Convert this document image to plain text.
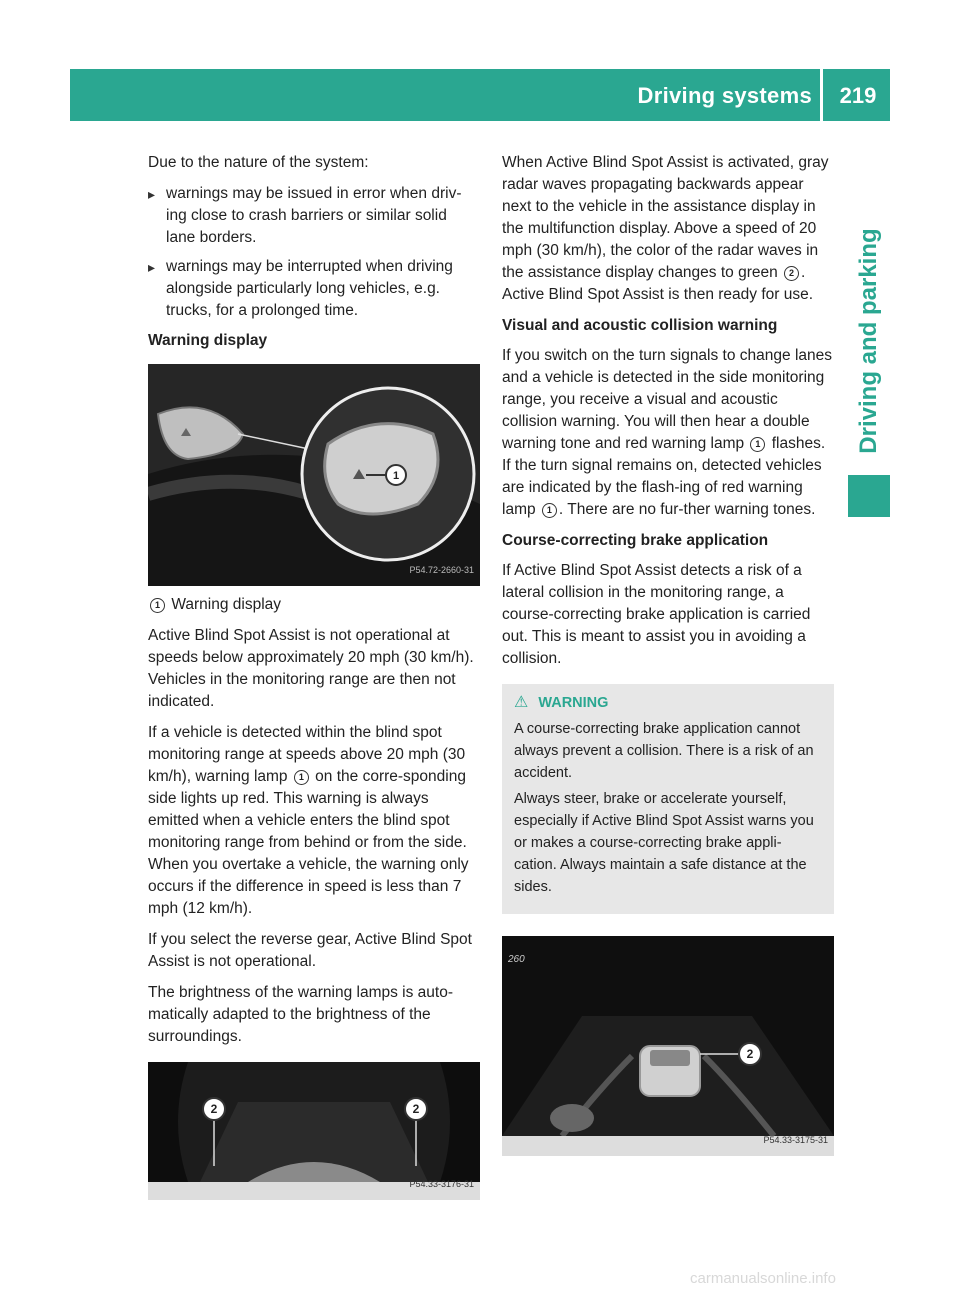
Driving systems	219
Driving and parking

Due to the nature of the system:

▸ warnings may be issued in error when driv-ing close to crash barriers or similar solid lane borders.
▸ warnings may be interrupted when driving alongside particularly long vehicles, e.g. trucks, for a prolonged time.
Warning display
1
P54.72-2660-31
1 Warning display

Active Blind Spot Assist is not operational at speeds below approximately 20 mph (30 km/h). Vehicles in the monitoring range are then not indicated.

If a vehicle is detected within the blind spot monitoring range at speeds above 20 mph (30 km/h), warning lamp 1 on the corre-sponding side lights up red. This warning is always emitted when a vehicle enters the blind spot monitoring range from behind or from the side. When you overtake a vehicle, the warning only occurs if the difference in speed is less than 7 mph (12 km/h).

If you select the reverse gear, Active Blind Spot Assist is not operational.

The brightness of the warning lamps is auto-matically adapted to the brightness of the surroundings.

2	2
P54.33-3176-31

When Active Blind Spot Assist is activated, gray radar waves propagating backwards appear next to the vehicle in the assistance display in the multifunction display. Above a speed of 20 mph (30 km/h), the color of the radar waves in the assistance display changes to green 2 . Active Blind Spot Assist is then ready for use.

Visual and acoustic collision warning

If you switch on the turn signals to change lanes and a vehicle is detected in the side monitoring range, you receive a visual and acoustic collision warning. You will then hear a double warning tone and red warning lamp 1 flashes. If the turn signal remains on, detected vehicles are indicated by the flash-ing of red warning lamp 1 . There are no fur-ther warning tones.

Course-correcting brake application

If Active Blind Spot Assist detects a risk of a lateral collision in the monitoring range, a course-correcting brake application is carried out. This is meant to assist you in avoiding a collision.

⚠ WARNING

A course-correcting brake application cannot always prevent a collision. There is a risk of an accident.

Always steer, brake or accelerate yourself, especially if Active Blind Spot Assist warns you or makes a course-correcting brake appli-cation. Always maintain a safe distance at the sides.

260
2
P54.33-3175-31
carmanualsonline.info
